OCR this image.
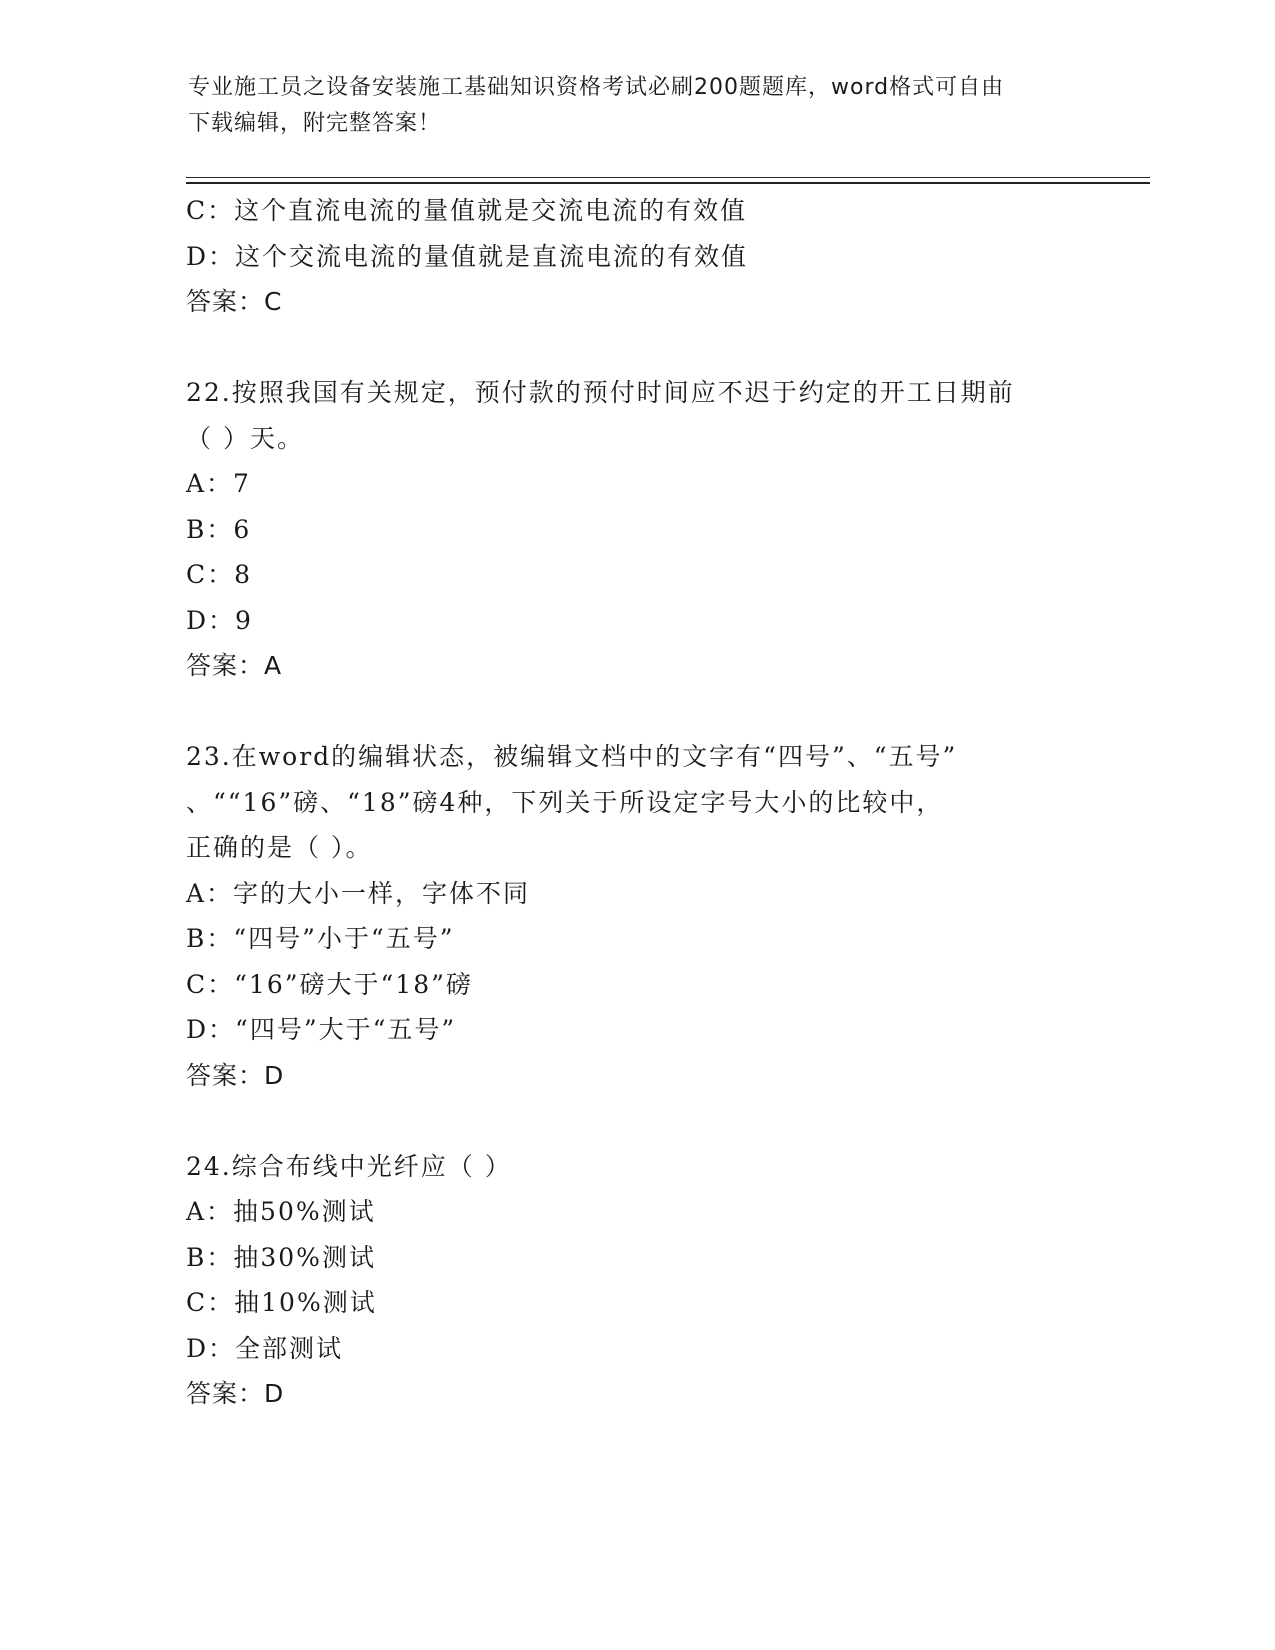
专业施工员之设备安装施工基础知识资格考试必刷200题题库，word格式可自由
下载编辑，附完整答案！
C：这个直流电流的量值就是交流电流的有效值
D：这个交流电流的量值就是直流电流的有效值
答案：C
22.按照我国有关规定，预付款的预付时间应不迟于约定的开工日期前
（ ）天。
A：7
B：6
C：8
D：9
答案：A
23.在word的编辑状态，被编辑文档中的文字有“四号”、“五号”
、““16”磅、“18”磅4种，下列关于所设定字号大小的比较中，
正确的是（ ）。
A：字的大小一样，字体不同
B：“四号”小于“五号”
C：“16”磅大于“18”磅
D：“四号”大于“五号”
答案：D
24.综合布线中光纤应（ ）
A：抽50%测试
B：抽30%测试
C：抽10%测试
D：全部测试
答案：D
